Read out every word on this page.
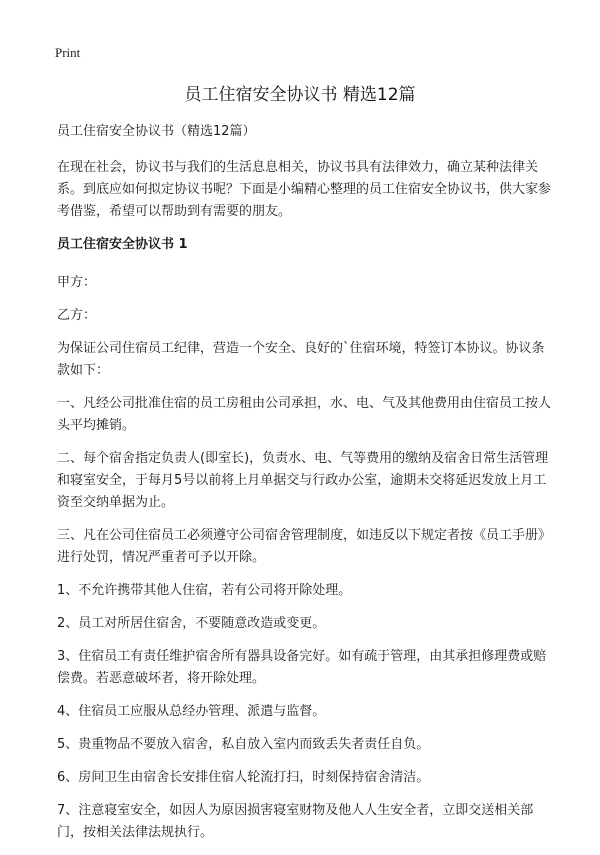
Print
员工住宿安全协议书 精选12篇

员工住宿安全协议书（精选12篇）

在现在社会，协议书与我们的生活息息相关，协议书具有法律效力，确立某种法律关系。到底应如何拟定协议书呢？下面是小编精心整理的员工住宿安全协议书，供大家参考借鉴，希望可以帮助到有需要的朋友。

员工住宿安全协议书 1

甲方：

乙方：

为保证公司住宿员工纪律，营造一个安全、良好的`住宿环境，特签订本协议。协议条款如下：

一、凡经公司批准住宿的员工房租由公司承担，水、电、气及其他费用由住宿员工按人头平均摊销。

二、每个宿舍指定负责人(即室长)，负责水、电、气等费用的缴纳及宿舍日常生活管理和寝室安全，于每月5号以前将上月单据交与行政办公室，逾期未交将延迟发放上月工资至交纳单据为止。

三、凡在公司住宿员工必须遵守公司宿舍管理制度，如违反以下规定者按《员工手册》进行处罚，情况严重者可予以开除。

1、不允许携带其他人住宿，若有公司将开除处理。

2、员工对所居住宿舍，不要随意改造或变更。

3、住宿员工有责任维护宿舍所有器具设备完好。如有疏于管理，由其承担修理费或赔偿费。若恶意破坏者，将开除处理。

4、住宿员工应服从总经办管理、派遣与监督。

5、贵重物品不要放入宿舍，私自放入室内而致丢失者责任自负。

6、房间卫生由宿舍长安排住宿人轮流打扫，时刻保持宿舍清洁。

7、注意寝室安全，如因人为原因损害寝室财物及他人人生安全者，立即交送相关部门，按相关法律法规执行。
